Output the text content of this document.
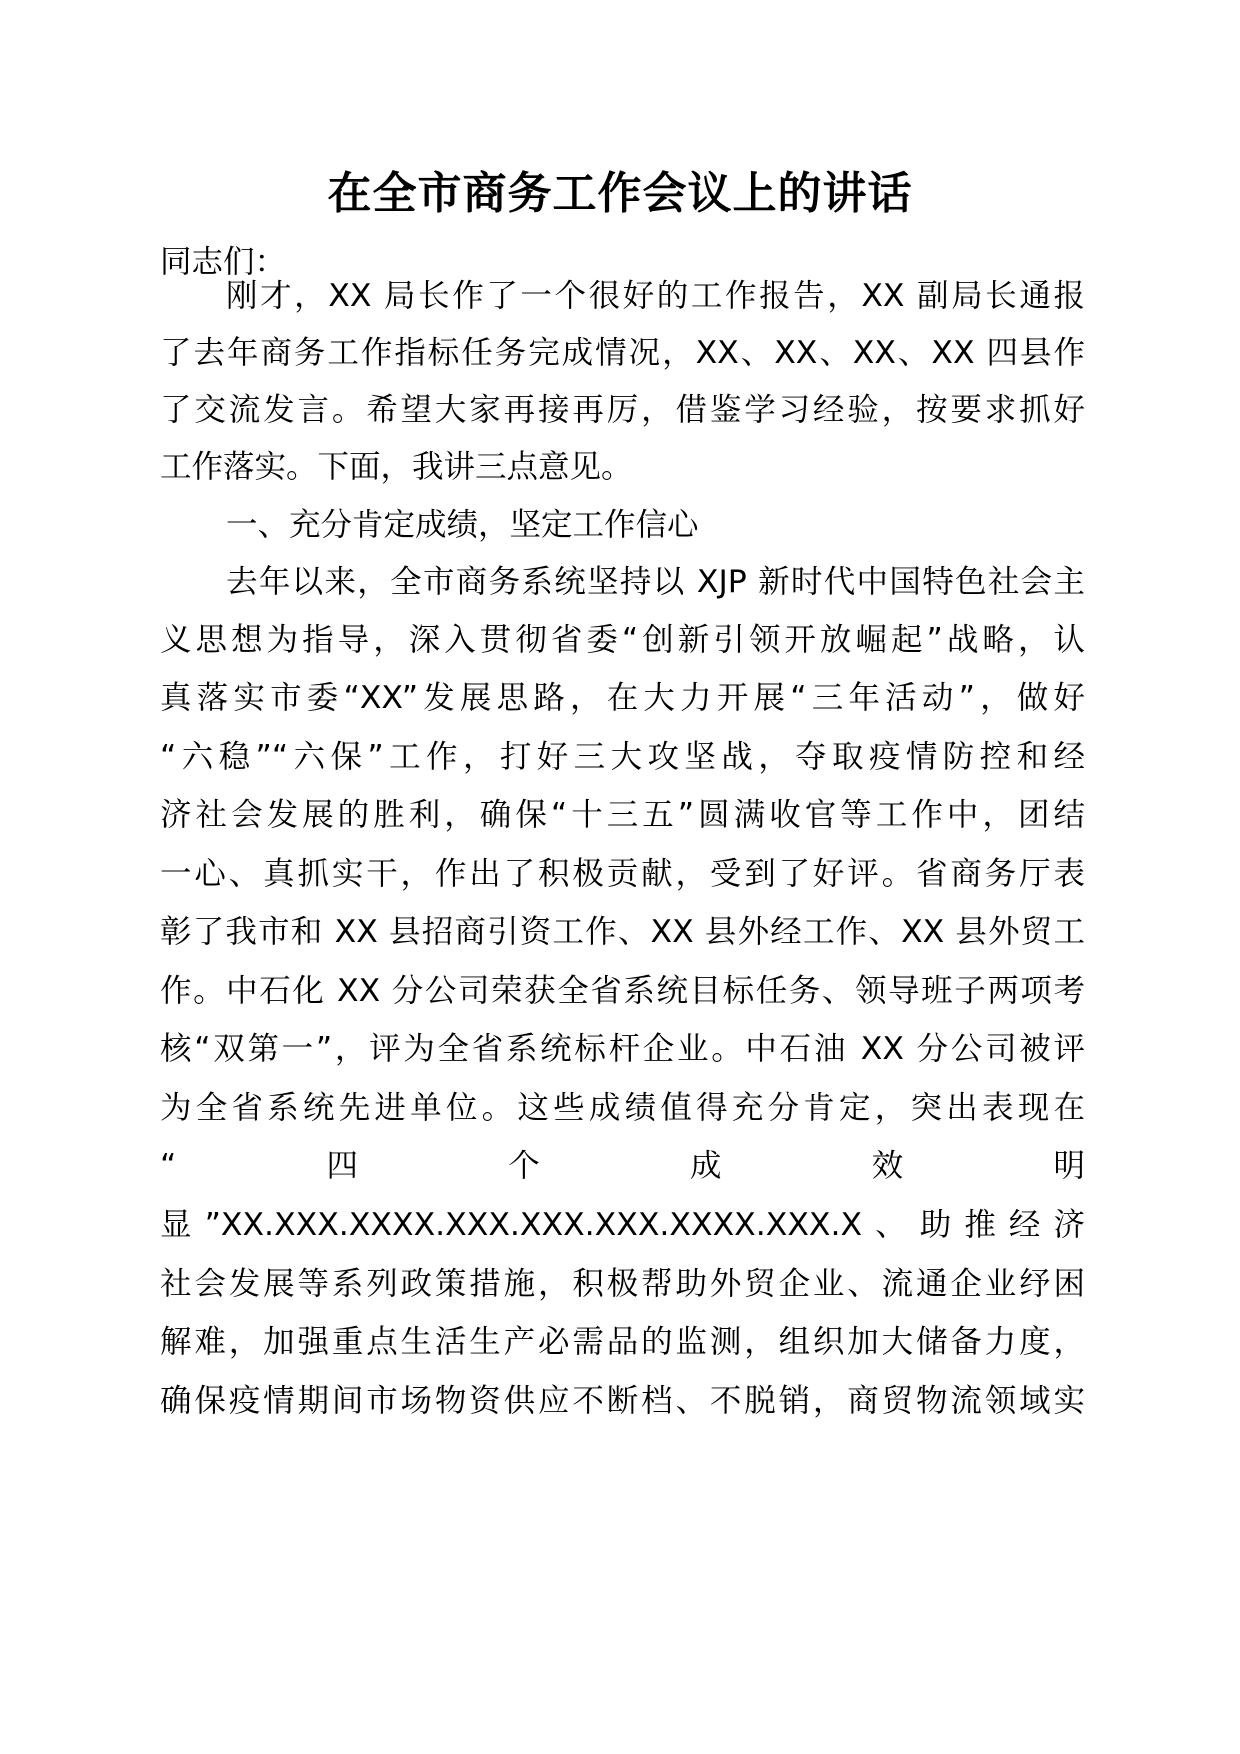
在全市商务工作会议上的讲话
同志们：
刚才，XX 局长作了一个很好的工作报告，XX 副局长通报
了去年商务工作指标任务完成情况，XX、XX、XX、XX 四县作
了交流发言。希望大家再接再厉，借鉴学习经验，按要求抓好
工作落实。下面，我讲三点意见。
一、充分肯定成绩，坚定工作信心
去年以来，全市商务系统坚持以 XJP 新时代中国特色社会主
义思想为指导，深入贯彻省委“创新引领开放崛起”战略，认
真落实市委“XX”发展思路，在大力开展“三年活动”，做好
“六稳”“六保”工作，打好三大攻坚战，夺取疫情防控和经
济社会发展的胜利，确保“十三五”圆满收官等工作中，团结
一心、真抓实干，作出了积极贡献，受到了好评。省商务厅表
彰了我市和 XX 县招商引资工作、XX 县外经工作、XX 县外贸工
作。中石化 XX 分公司荣获全省系统目标任务、领导班子两项考
核“双第一”，评为全省系统标杆企业。中石油 XX 分公司被评
为全省系统先进单位。这些成绩值得充分肯定，突出表现在
“　四　个　成　效　明
显”XX.XXX.XXXX.XXX.XXX.XXX.XXXX.XXX.X、助推经济
社会发展等系列政策措施，积极帮助外贸企业、流通企业纾困
解难，加强重点生活生产必需品的监测，组织加大储备力度，
确保疫情期间市场物资供应不断档、不脱销，商贸物流领域实
